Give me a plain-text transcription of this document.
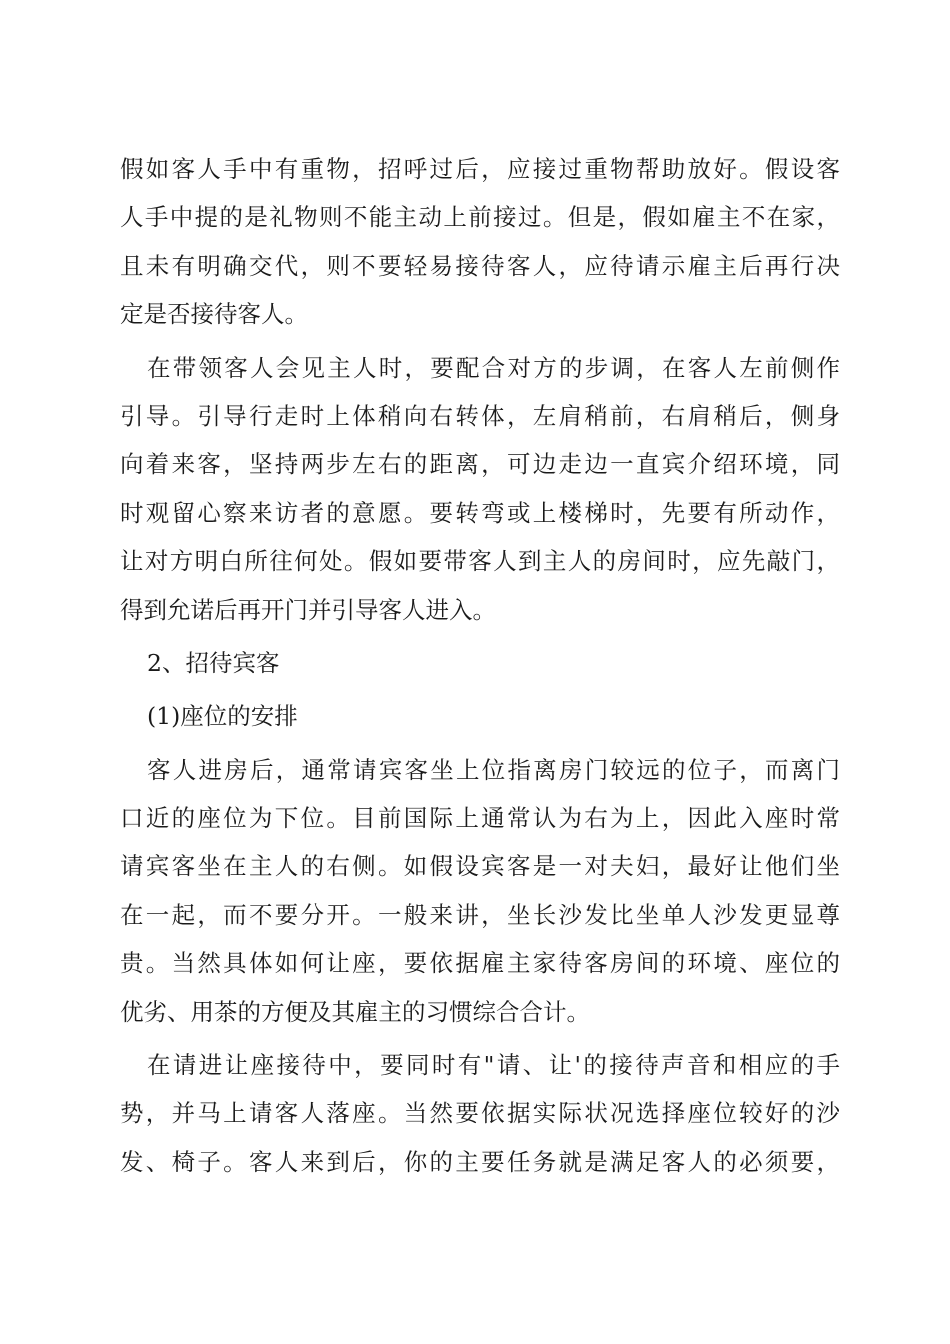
假如客人手中有重物，招呼过后，应接过重物帮助放好。假设客
人手中提的是礼物则不能主动上前接过。但是，假如雇主不在家，
且未有明确交代，则不要轻易接待客人，应待请示雇主后再行决
定是否接待客人。
在带领客人会见主人时，要配合对方的步调，在客人左前侧作
引导。引导行走时上体稍向右转体，左肩稍前，右肩稍后，侧身
向着来客，坚持两步左右的距离，可边走边一直宾介绍环境，同
时观留心察来访者的意愿。要转弯或上楼梯时，先要有所动作，
让对方明白所往何处。假如要带客人到主人的房间时，应先敲门，
得到允诺后再开门并引导客人进入。
2、招待宾客
(1)座位的安排
客人进房后，通常请宾客坐上位指离房门较远的位子，而离门
口近的座位为下位。目前国际上通常认为右为上，因此入座时常
请宾客坐在主人的右侧。如假设宾客是一对夫妇，最好让他们坐
在一起，而不要分开。一般来讲，坐长沙发比坐单人沙发更显尊
贵。当然具体如何让座，要依据雇主家待客房间的环境、座位的
优劣、用茶的方便及其雇主的习惯综合合计。
在请进让座接待中，要同时有"请、让'的接待声音和相应的手
势，并马上请客人落座。当然要依据实际状况选择座位较好的沙
发、椅子。客人来到后，你的主要任务就是满足客人的必须要，
